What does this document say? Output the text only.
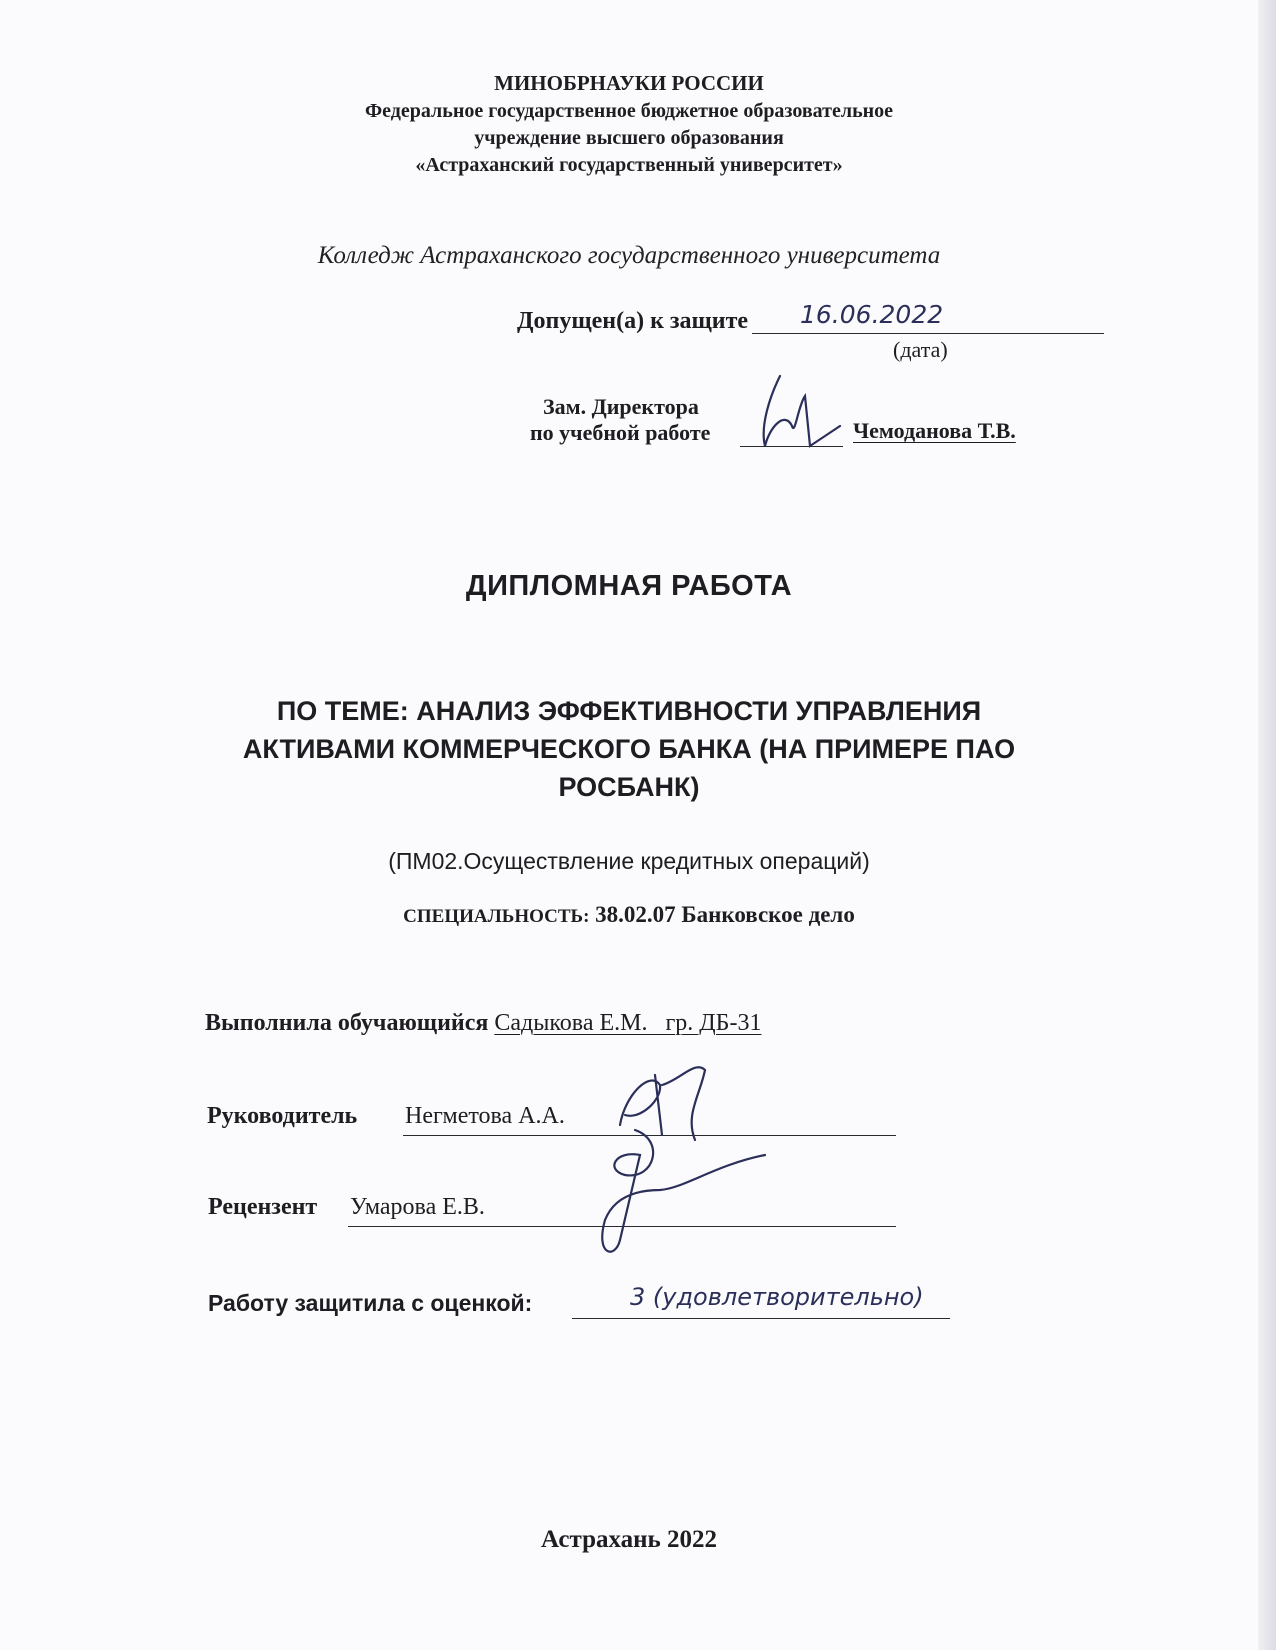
МИНОБРНАУКИ РОССИИ
Федеральное государственное бюджетное образовательное
учреждение высшего образования
«Астраханский государственный университет»
Колледж Астраханского государственного университета
Допущен(а) к защите 16.06.2022
(дата)
Зам. Директора
по учебной работе	Чемоданова Т.В.
ДИПЛОМНАЯ РАБОТА
ПО ТЕМЕ: АНАЛИЗ ЭФФЕКТИВНОСТИ УПРАВЛЕНИЯ
АКТИВАМИ КОММЕРЧЕСКОГО БАНКА (НА ПРИМЕРЕ ПАО
РОСБАНК)
(ПМ02.Осуществление кредитных операций)
СПЕЦИАЛЬНОСТЬ: 38.02.07 Банковское дело
Выполнила обучающийся Садыкова Е.М.   гр. ДБ-31
Руководитель Негметова А.А.
Рецензент Умарова Е.В.
Работу защитила с оценкой:	3 (удовлетворительно)
Астрахань 2022
